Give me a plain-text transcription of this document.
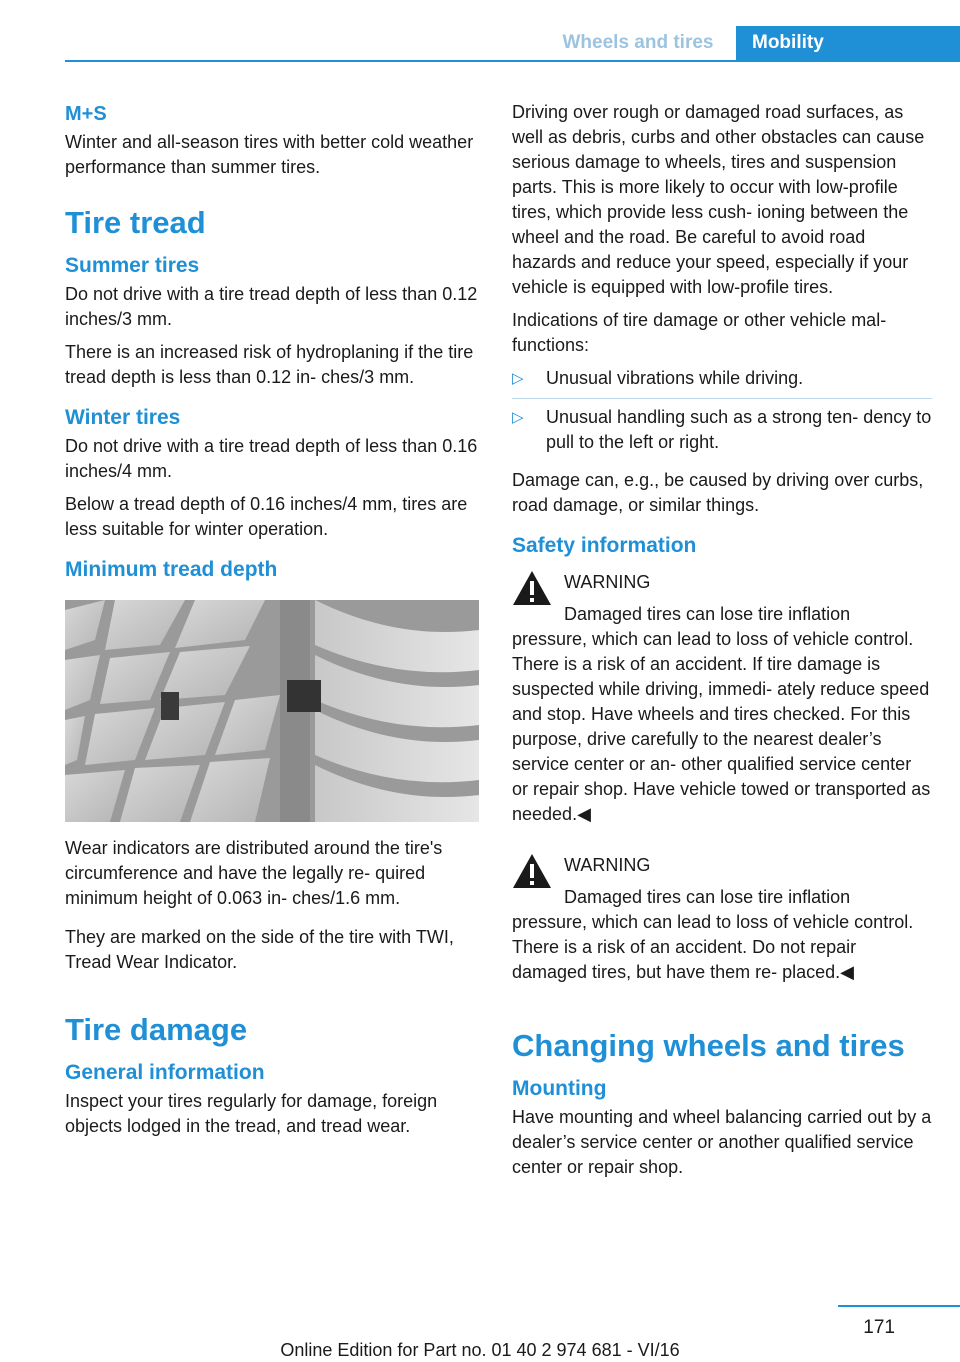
Wheels and tires	Mobility
M+S

Winter and all-season tires with better cold weather performance than summer tires.

Tire tread
Summer tires

Do not drive with a tire tread depth of less than 0.12 inches/3 mm.

There is an increased risk of hydroplaning if the tire tread depth is less than 0.12 in‐ ches/3 mm.

Winter tires

Do not drive with a tire tread depth of less than 0.16 inches/4 mm.

Below a tread depth of 0.16 inches/4 mm, tires are less suitable for winter operation.

Minimum tread depth

Wear indicators are distributed around the tire's circumference and have the legally re‐ quired minimum height of 0.063 in‐ ches/1.6 mm.

They are marked on the side of the tire with TWI, Tread Wear Indicator.

Tire damage
General information

Inspect your tires regularly for damage, foreign objects lodged in the tread, and tread wear.

Driving over rough or damaged road surfaces, as well as debris, curbs and other obstacles can cause serious damage to wheels, tires and suspension parts. This is more likely to occur with low-profile tires, which provide less cush‐ ioning between the wheel and the road. Be careful to avoid road hazards and reduce your speed, especially if your vehicle is equipped with low-profile tires.

Indications of tire damage or other vehicle mal‐ functions:

▷ Unusual vibrations while driving.
▷ Unusual handling such as a strong ten‐ dency to pull to the left or right.

Damage can, e.g., be caused by driving over curbs, road damage, or similar things.

Safety information
WARNING

Damaged tires can lose tire inflation
pressure, which can lead to loss of vehicle control. There is a risk of an accident. If tire damage is suspected while driving, immedi‐ ately reduce speed and stop. Have wheels and tires checked. For this purpose, drive carefully to the nearest dealer’s service center or an‐ other qualified service center or repair shop. Have vehicle towed or transported as needed.◀

WARNING

Damaged tires can lose tire inflation
pressure, which can lead to loss of vehicle control. There is a risk of an accident. Do not repair damaged tires, but have them re‐ placed.◀

Changing wheels and tires
Mounting

Have mounting and wheel balancing carried out by a dealer’s service center or another qualified service center or repair shop.

171
Online Edition for Part no. 01 40 2 974 681 - VI/16
